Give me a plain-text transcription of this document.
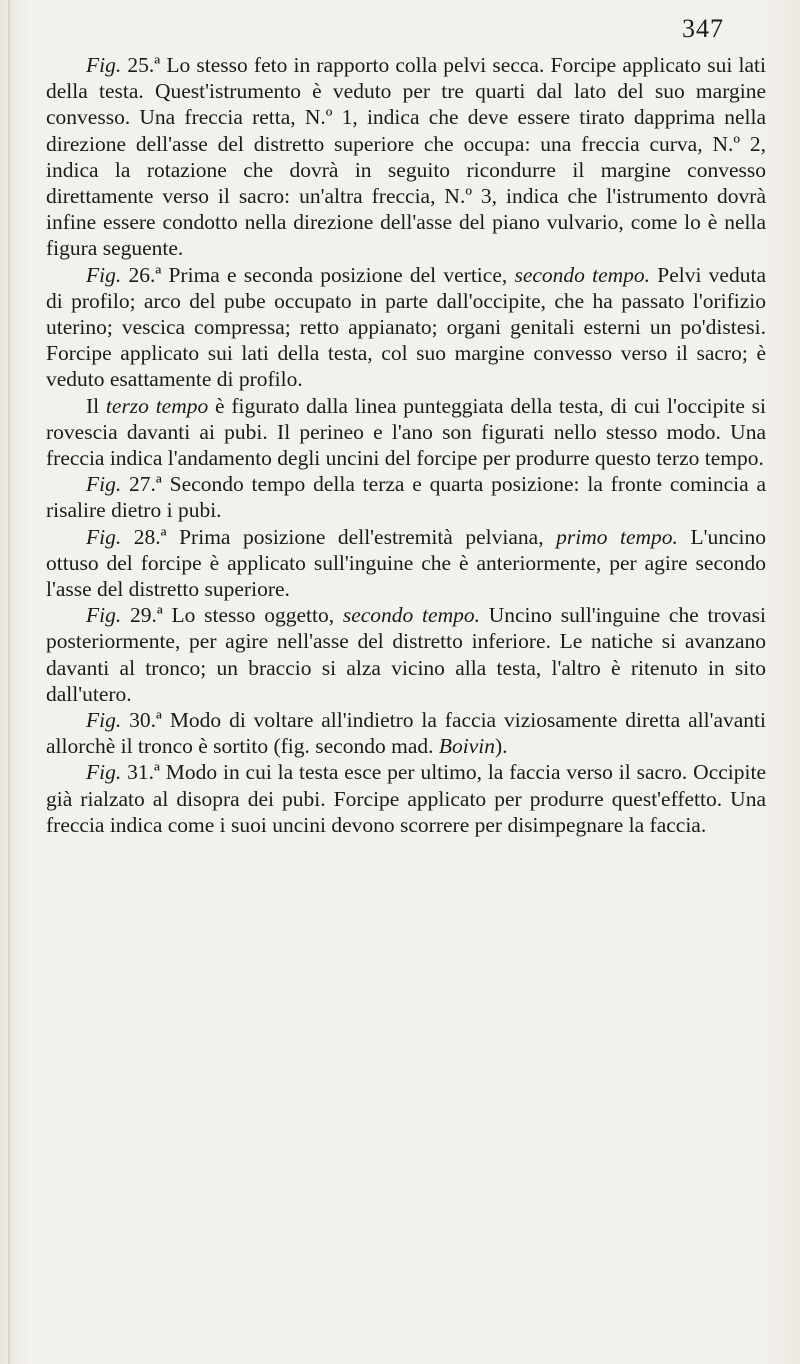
347

Fig. 25.ª Lo stesso feto in rapporto colla pelvi secca. Forcipe applicato sui lati della testa. Quest'istrumento è veduto per tre quarti dal lato del suo margine convesso. Una freccia retta, N.º 1, indica che deve essere tirato dapprima nella direzione dell'asse del distretto superiore che occupa: una freccia curva, N.º 2, indica la rotazione che dovrà in seguito ricondurre il margine convesso direttamente verso il sacro: un'altra freccia, N.º 3, indica che l'istrumento dovrà infine essere condotto nella direzione dell'asse del piano vulvario, come lo è nella figura seguente.

Fig. 26.ª Prima e seconda posizione del vertice, secondo tempo. Pelvi veduta di profilo; arco del pube occupato in parte dall'occipite, che ha passato l'orifizio uterino; vescica compressa; retto appianato; organi genitali esterni un po'distesi. Forcipe applicato sui lati della testa, col suo margine convesso verso il sacro; è veduto esattamente di profilo.

Il terzo tempo è figurato dalla linea punteggiata della testa, di cui l'occipite si rovescia davanti ai pubi. Il perineo e l'ano son figurati nello stesso modo. Una freccia indica l'andamento degli uncini del forcipe per produrre questo terzo tempo.

Fig. 27.ª Secondo tempo della terza e quarta posizione: la fronte comincia a risalire dietro i pubi.

Fig. 28.ª Prima posizione dell'estremità pelviana, primo tempo. L'uncino ottuso del forcipe è applicato sull'inguine che è anteriormente, per agire secondo l'asse del distretto superiore.

Fig. 29.ª Lo stesso oggetto, secondo tempo. Uncino sull'inguine che trovasi posteriormente, per agire nell'asse del distretto inferiore. Le natiche si avanzano davanti al tronco; un braccio si alza vicino alla testa, l'altro è ritenuto in sito dall'utero.

Fig. 30.ª Modo di voltare all'indietro la faccia viziosamente diretta all'avanti allorchè il tronco è sortito (fig. secondo mad. Boivin).

Fig. 31.ª Modo in cui la testa esce per ultimo, la faccia verso il sacro. Occipite già rialzato al disopra dei pubi. Forcipe applicato per produrre quest'effetto. Una freccia indica come i suoi uncini devono scorrere per disimpegnare la faccia.
